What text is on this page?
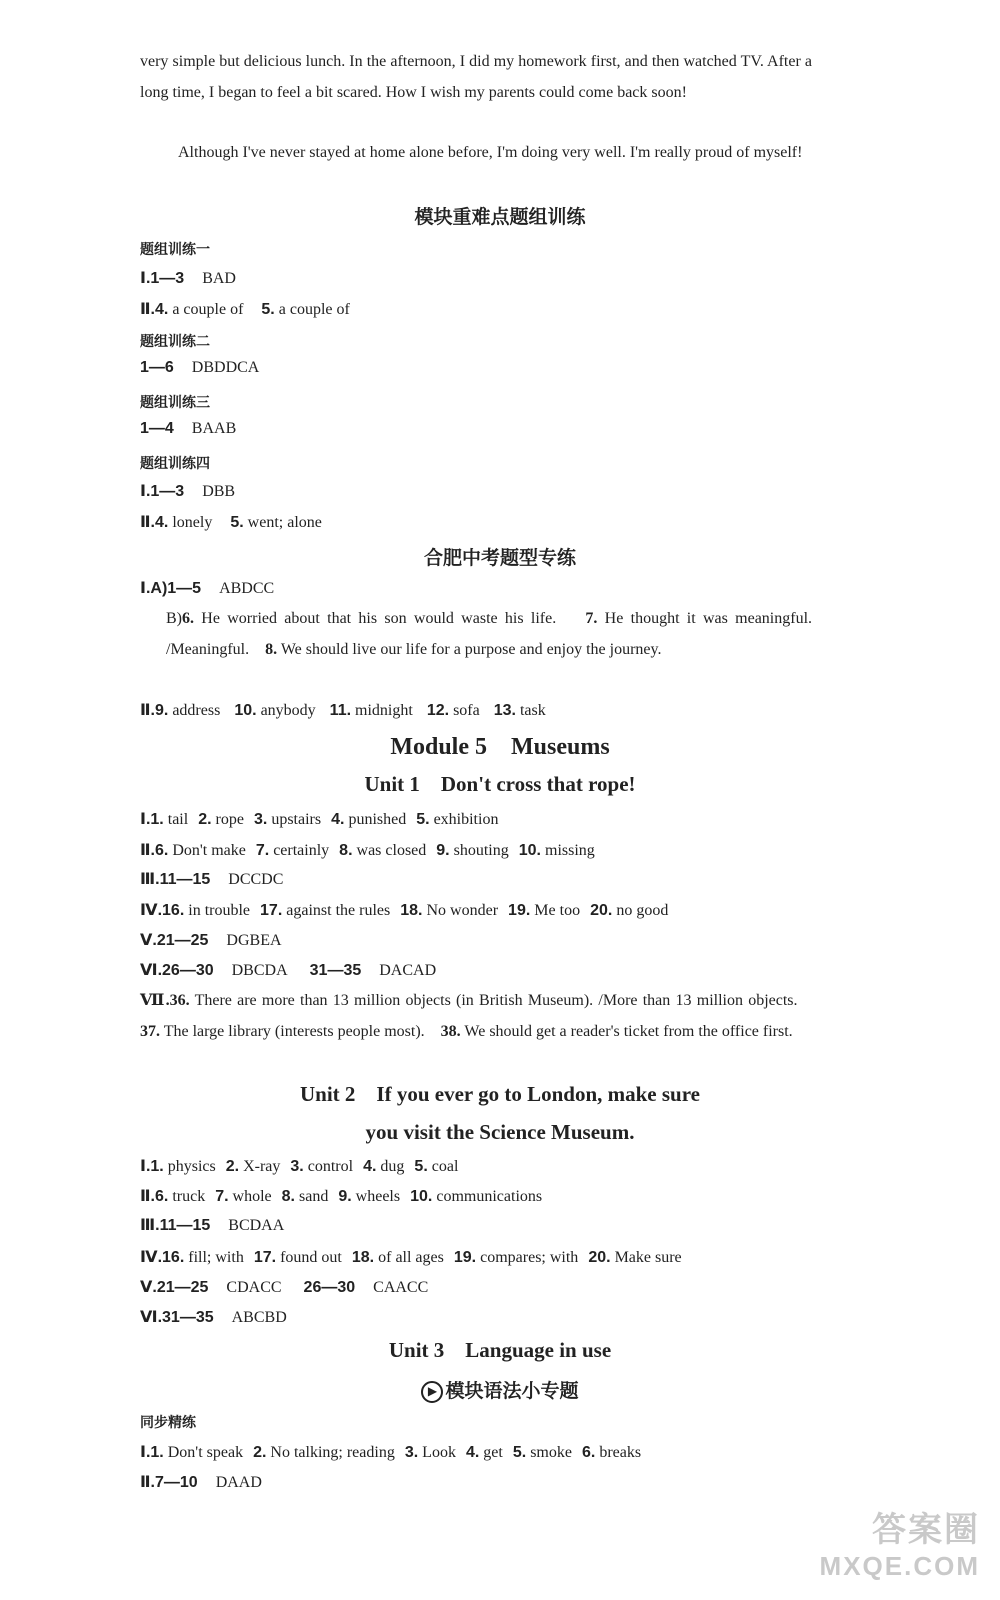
very simple but delicious lunch. In the afternoon, I did my homework first, and then watched TV. After a long time, I began to feel a bit scared. How I wish my parents could come back soon!
Although I've never stayed at home alone before, I'm doing very well. I'm really proud of myself!
模块重难点题组训练
题组训练一
Ⅰ.1—3 BAD
Ⅱ.4. a couple of 5. a couple of
题组训练二
1—6 DBDDCA
题组训练三
1—4 BAAB
题组训练四
Ⅰ.1—3 DBB
Ⅱ.4. lonely 5. went; alone
合肥中考题型专练
Ⅰ.A)1—5 ABDCC
B)6. He worried about that his son would waste his life. 7. He thought it was meaningful. /Meaningful. 8. We should live our life for a purpose and enjoy the journey.
Ⅱ.9. address 10. anybody 11. midnight 12. sofa 13. task
Module 5    Museums
Unit 1    Don't cross that rope!
Ⅰ.1. tail 2. rope 3. upstairs 4. punished 5. exhibition
Ⅱ.6. Don't make 7. certainly 8. was closed 9. shouting 10. missing
Ⅲ.11—15 DCCDC
Ⅳ.16. in trouble 17. against the rules 18. No wonder 19. Me too 20. no good
Ⅴ.21—25 DGBEA
Ⅵ.26—30 DBCDA 31—35 DACAD
Ⅶ.36. There are more than 13 million objects (in British Museum). /More than 13 million objects.    37. The large library (interests people most). 38. We should get a reader's ticket from the office first.
Unit 2    If you ever go to London, make sure
you visit the Science Museum.
Ⅰ.1. physics 2. X-ray 3. control 4. dug 5. coal
Ⅱ.6. truck 7. whole 8. sand 9. wheels 10. communications
Ⅲ.11—15 BCDAA
Ⅳ.16. fill; with 17. found out 18. of all ages 19. compares; with 20. Make sure
Ⅴ.21—25 CDACC 26—30 CAACC
Ⅵ.31—35 ABCBD
Unit 3    Language in use
▶ 模块语法小专题
同步精练
Ⅰ.1. Don't speak 2. No talking; reading 3. Look 4. get 5. smoke 6. breaks
Ⅱ.7—10 DAAD
答案圈
MXQE.COM
